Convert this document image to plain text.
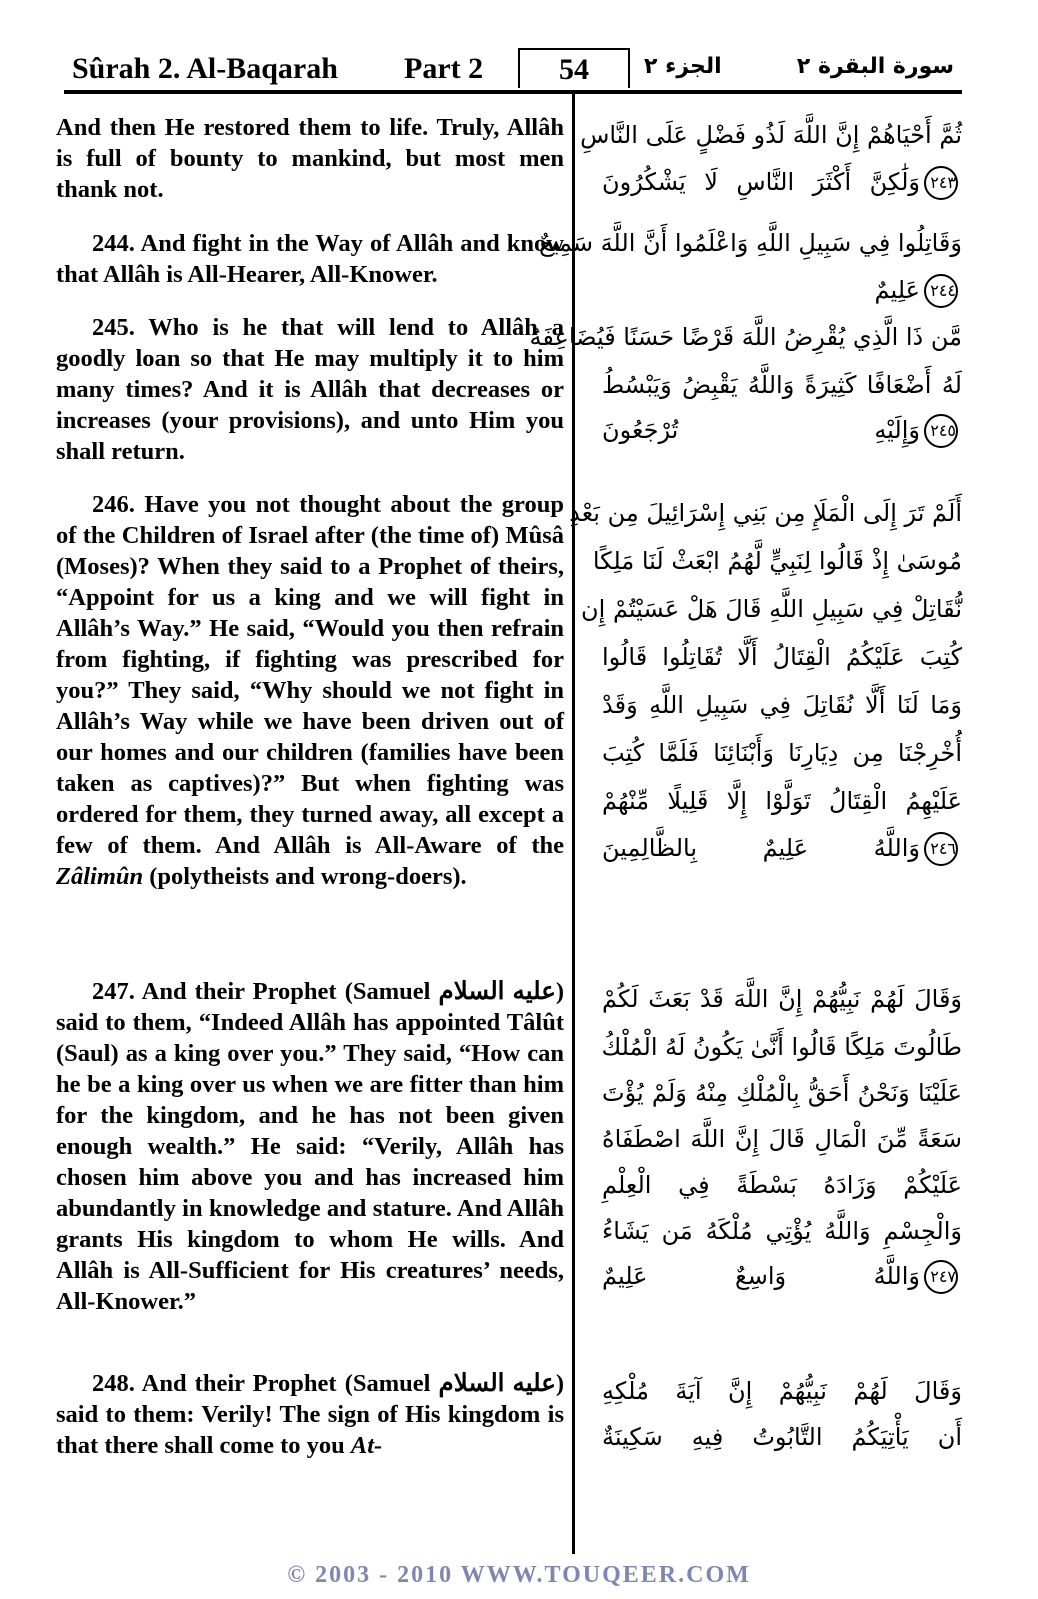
Sûrah 2. Al-Baqarah Part 2	54	الجزء ٢	سورة البقرة ٢
And then He restored them to life. Truly, Allâh is full of bounty to mankind, but most men thank not.
244. And fight in the Way of Allâh and know that Allâh is All-Hearer, All-Knower.
245. Who is he that will lend to Allâh a goodly loan so that He may multiply it to him many times? And it is Allâh that decreases or increases (your provisions), and unto Him you shall return.
246. Have you not thought about the group of the Children of Israel after (the time of) Mûsâ (Moses)? When they said to a Prophet of theirs, “Appoint for us a king and we will fight in Allâh’s Way.” He said, “Would you then refrain from fighting, if fighting was prescribed for you?” They said, “Why should we not fight in Allâh’s Way while we have been driven out of our homes and our children (families have been taken as captives)?” But when fighting was ordered for them, they turned away, all except a few of them. And Allâh is All-Aware of the Zâlimûn (polytheists and wrong-doers).
247. And their Prophet (Samuel عليه السلام) said to them, “Indeed Allâh has appointed Tâlût (Saul) as a king over you.” They said, “How can he be a king over us when we are fitter than him for the kingdom, and he has not been given enough wealth.” He said: “Verily, Allâh has chosen him above you and has increased him abundantly in knowledge and stature. And Allâh grants His kingdom to whom He wills. And Allâh is All-Sufficient for His creatures’ needs, All-Knower.”
248. And their Prophet (Samuel عليه السلام) said to them: Verily! The sign of His kingdom is that there shall come to you At-
ثُمَّ أَحْيَاهُمْ إِنَّ اللَّهَ لَذُو فَضْلٍ عَلَى النَّاسِ
٢٤٣وَلَٰكِنَّ أَكْثَرَ النَّاسِ لَا يَشْكُرُونَ
وَقَاتِلُوا فِي سَبِيلِ اللَّهِ وَاعْلَمُوا أَنَّ اللَّهَ سَمِيعٌ
٢٤٤عَلِيمٌ
مَّن ذَا الَّذِي يُقْرِضُ اللَّهَ قَرْضًا حَسَنًا فَيُضَاعِفَهُ
لَهُ أَضْعَافًا كَثِيرَةً وَاللَّهُ يَقْبِضُ وَيَبْسُطُ
٢٤٥وَإِلَيْهِ تُرْجَعُونَ
أَلَمْ تَرَ إِلَى الْمَلَإِ مِن بَنِي إِسْرَائِيلَ مِن بَعْدِ
مُوسَىٰ إِذْ قَالُوا لِنَبِيٍّ لَّهُمُ ابْعَثْ لَنَا مَلِكًا
نُّقَاتِلْ فِي سَبِيلِ اللَّهِ قَالَ هَلْ عَسَيْتُمْ إِن
كُتِبَ عَلَيْكُمُ الْقِتَالُ أَلَّا تُقَاتِلُوا قَالُوا
وَمَا لَنَا أَلَّا نُقَاتِلَ فِي سَبِيلِ اللَّهِ وَقَدْ
أُخْرِجْنَا مِن دِيَارِنَا وَأَبْنَائِنَا فَلَمَّا كُتِبَ
عَلَيْهِمُ الْقِتَالُ تَوَلَّوْا إِلَّا قَلِيلًا مِّنْهُمْ
٢٤٦وَاللَّهُ عَلِيمٌ بِالظَّالِمِينَ
وَقَالَ لَهُمْ نَبِيُّهُمْ إِنَّ اللَّهَ قَدْ بَعَثَ لَكُمْ
طَالُوتَ مَلِكًا قَالُوا أَنَّىٰ يَكُونُ لَهُ الْمُلْكُ
عَلَيْنَا وَنَحْنُ أَحَقُّ بِالْمُلْكِ مِنْهُ وَلَمْ يُؤْتَ
سَعَةً مِّنَ الْمَالِ قَالَ إِنَّ اللَّهَ اصْطَفَاهُ
عَلَيْكُمْ وَزَادَهُ بَسْطَةً فِي الْعِلْمِ
وَالْجِسْمِ وَاللَّهُ يُؤْتِي مُلْكَهُ مَن يَشَاءُ
٢٤٧وَاللَّهُ وَاسِعٌ عَلِيمٌ
وَقَالَ لَهُمْ نَبِيُّهُمْ إِنَّ آيَةَ مُلْكِهِ
أَن يَأْتِيَكُمُ التَّابُوتُ فِيهِ سَكِينَةٌ
© 2003 - 2010 WWW.TOUQEER.COM
